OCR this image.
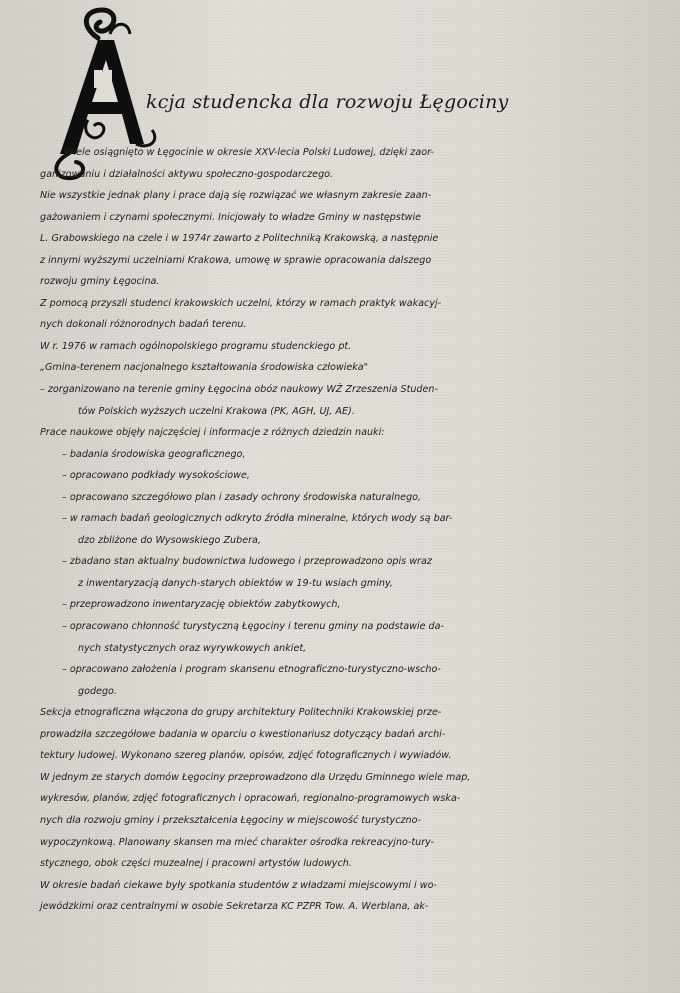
kcja studencka dla rozwoju Łęgociny
Wiele osiągnięto w Łęgocinie w okresie XXV-lecia Polski Ludowej, dzięki zaor-
ganizowaniu i działalności aktywu społeczno-gospodarczego.
Nie wszystkie jednak plany i prace dają się rozwiązać we własnym zakresie zaan-
gażowaniem i czynami społecznymi. Inicjowały to władze Gminy w następstwie
L. Grabowskiego na czele i w 1974r zawarto z Politechniką Krakowską, a następnie
z innymi wyższymi uczelniami Krakowa, umowę w sprawie opracowania dalszego
rozwoju gminy Łęgocina.
Z pomocą przyszli studenci krakowskich uczelni, którzy w ramach praktyk wakacyj-
nych dokonali różnorodnych badań terenu.
W r. 1976 w ramach ogólnopolskiego programu studenckiego pt.
„Gmina-terenem nacjonalnego kształtowania środowiska człowieka"
– zorganizowano na terenie gminy Łęgocina obóz naukowy WŻ Zrzeszenia Studen-
tów Polskich wyższych uczelni Krakowa (PK, AGH, UJ, AE).
Prace naukowe objęły najczęściej i informacje z różnych dziedzin nauki:
– badania środowiska geograficznego,
– opracowano podkłady wysokościowe,
– opracowano szczegółowo plan i zasady ochrony środowiska naturalnego,
– w ramach badań geologicznych odkryto źródła mineralne, których wody są bar-
dzo zbliżone do Wysowskiego Zubera,
– zbadano stan aktualny budownictwa ludowego i przeprowadzono opis wraz
z inwentaryzacją danych-starych obiektów w 19-tu wsiach gminy,
– przeprowadzono inwentaryzację obiektów zabytkowych,
– opracowano chłonność turystyczną Łęgociny i terenu gminy na podstawie da-
nych statystycznych oraz wyrywkowych ankiet,
– opracowano założenia i program skansenu etnograficzno-turystyczno-wscho-
godego.
Sekcja etnograficzna włączona do grupy architektury Politechniki Krakowskiej prze-
prowadziła szczegółowe badania w oparciu o kwestionariusz dotyczący badań archi-
tektury ludowej. Wykonano szereg planów, opisów, zdjęć fotograficznych i wywiadów.
W jednym ze starych domów Łęgociny przeprowadzono dla Urzędu Gminnego wiele map,
wykresów, planów, zdjęć fotograficznych i opracowań, regionalno-programowych wska-
nych dla rozwoju gminy i przekształcenia Łęgociny w miejscowość turystyczno-
wypoczynkową. Planowany skansen ma mieć charakter ośrodka rekreacyjno-tury-
stycznego, obok części muzealnej i pracowni artystów ludowych.
W okresie badań ciekawe były spotkania studentów z władzami miejscowymi i wo-
jewódzkimi oraz centralnymi w osobie Sekretarza KC PZPR Tow. A. Werblana, ak-
